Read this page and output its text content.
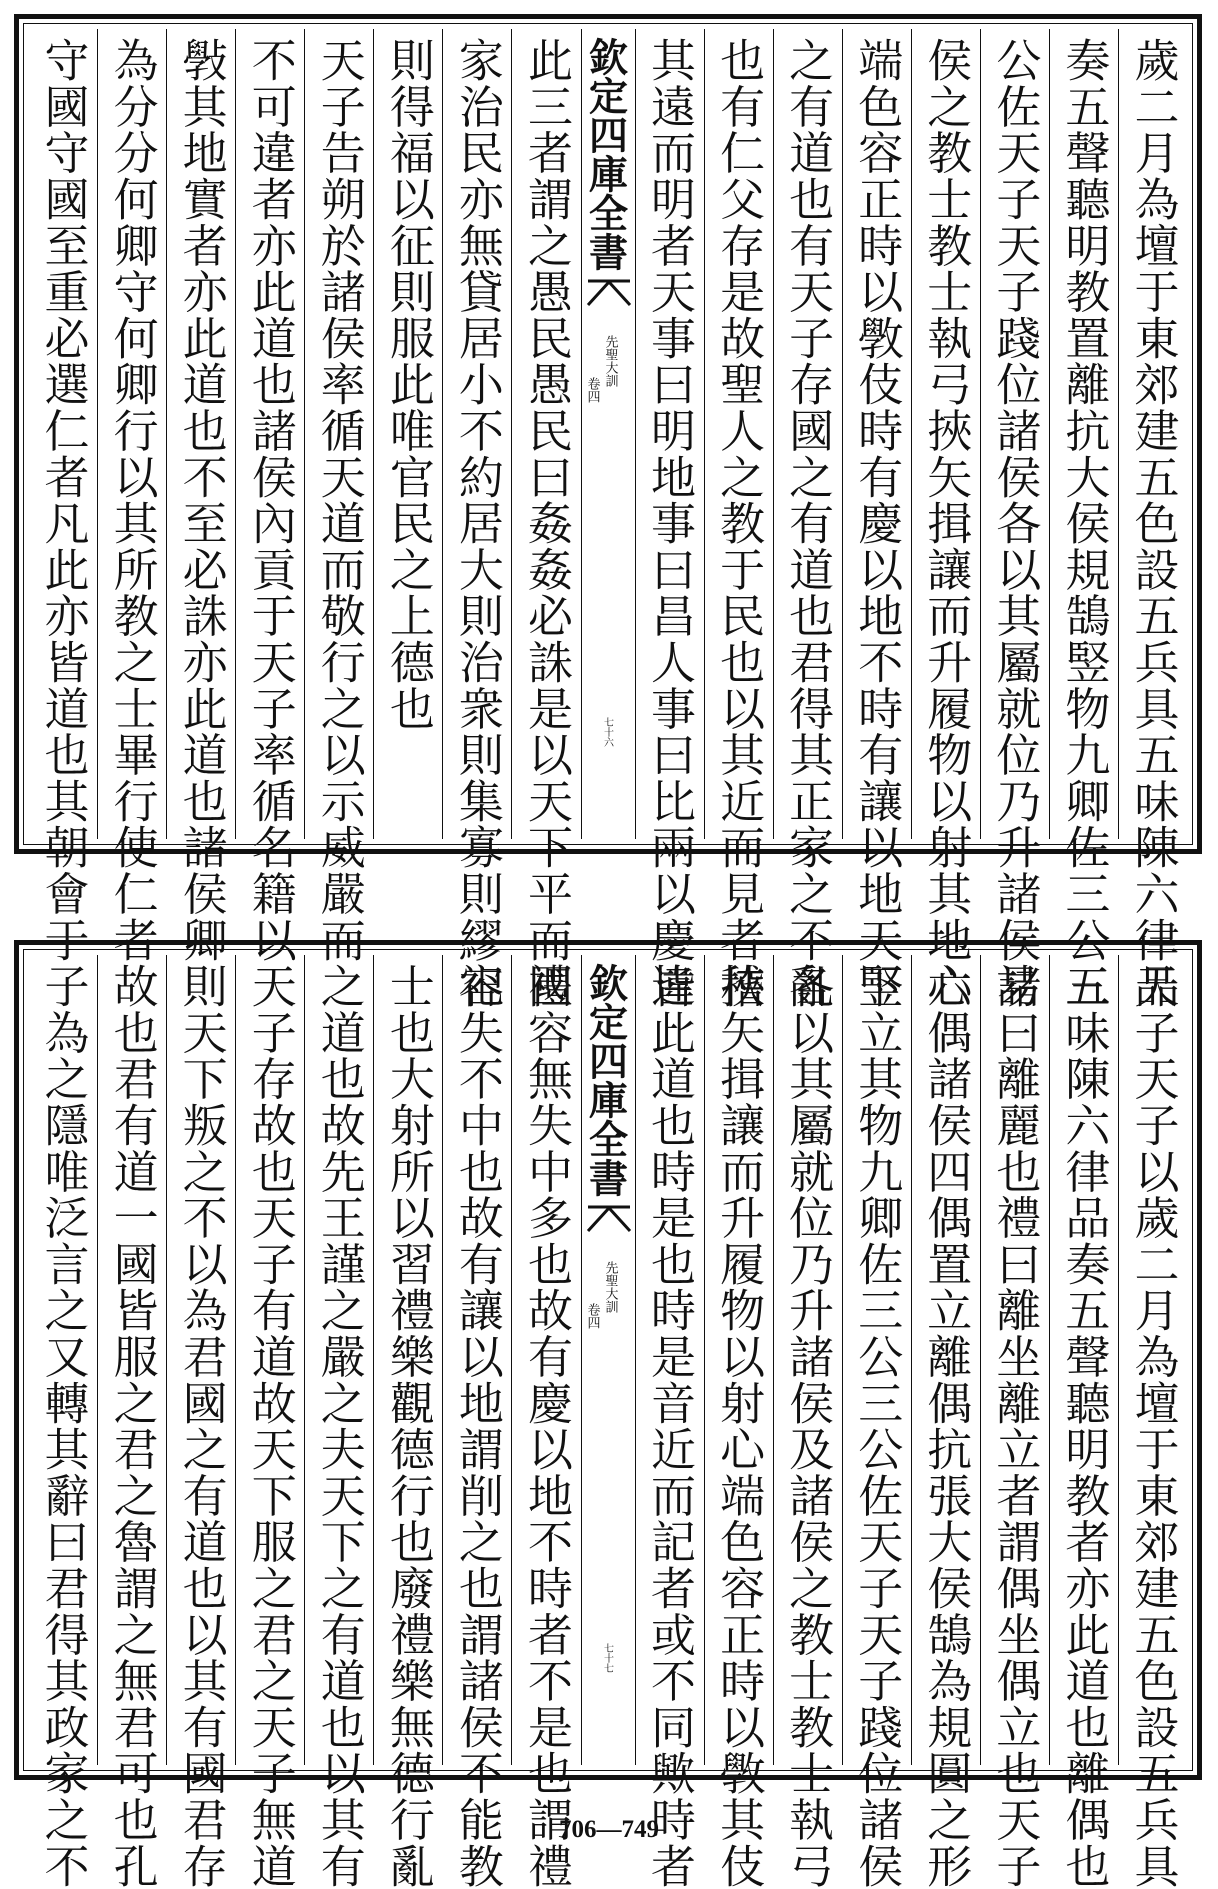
歲二月為壇于東郊建五色設五兵具五味陳六律品
奏五聲聽明教置離抗大侯規鵠竪物九卿佐三公三
公佐天子天子踐位諸侯各以其屬就位乃升諸侯諸
侯之教士教士執弓挾矢揖讓而升履物以射其地心
端色容正時以斆伎時有慶以地不時有讓以地天下
之有道也有天子存國之有道也君得其正家之不亂
也有仁父存是故聖人之教于民也以其近而見者稽
其遠而明者天事曰明地事曰昌人事曰比兩以慶違
欽定四庫全書
先聖大訓
卷四
七十六
此三者謂之愚民愚民曰姦姦必誅是以天下平而國
家治民亦無貸居小不約居大則治衆則集寡則繆祀
則得福以征則服此唯官民之上德也
天子告朔於諸侯率循天道而敬行之以示威嚴而
不可違者亦此道也諸侯內貢于天子率循名籍以
斅其地實者亦此道也不至必誅亦此道也諸侯卿
為分分何卿守何卿行以其所教之士畢行使仁者
守國守國至重必選仁者凡此亦皆道也其朝會于
天子天子以歲二月為壇于東郊建五色設五兵具
五味陳六律品奏五聲聽明教者亦此道也離偶也
易曰離麗也禮曰離坐離立者謂偶坐偶立也天子
六偶諸侯四偶置立離偶抗張大侯鵠為規圓之形
竪立其物九卿佐三公三公佐天子天子踐位諸侯
各以其屬就位乃升諸侯及諸侯之教士教士執弓
挾矢揖讓而升履物以射心端色容正時以斆其伎
皆此道也時是也時是音近而記者或不同歟時者
欽定四庫全書
先聖大訓
卷四
七十七
禮容無失中多也故有慶以地不時者不是也謂禮
容失不中也故有讓以地謂削之也謂諸侯不能教
士也大射所以習禮樂觀德行也廢禮樂無德行亂
之道也故先王謹之嚴之夫天下之有道也以其有
天子存故也天子有道故天下服之君之天子無道
則天下叛之不以為君國之有道也以其有國君存
故也君有道一國皆服之君之魯謂之無君可也孔
子為之隱唯泛言之又轉其辭曰君得其政家之不	706—749
